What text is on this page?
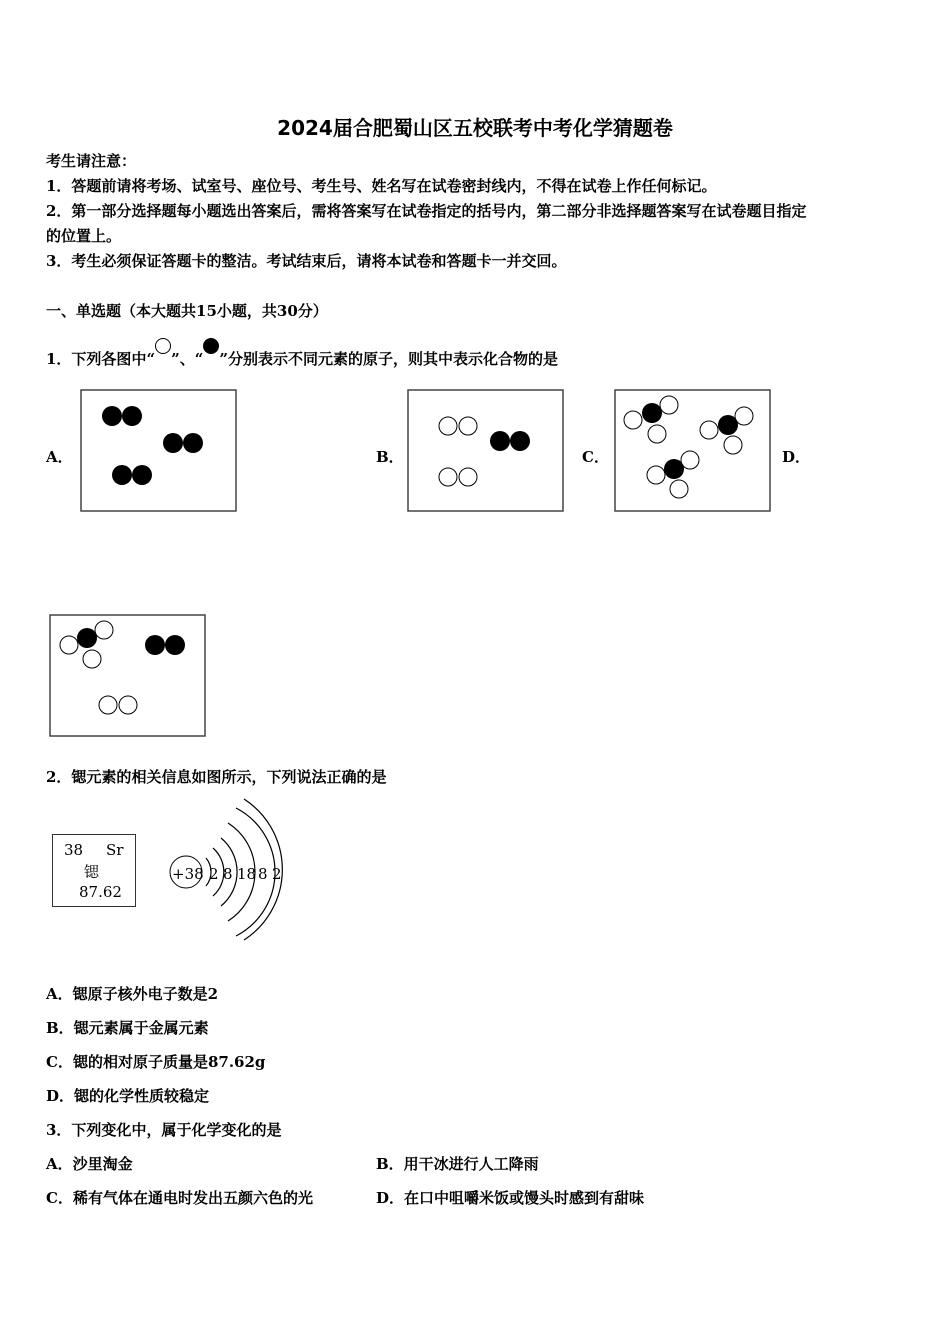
2024届合肥蜀山区五校联考中考化学猜题卷
考生请注意：
1．答题前请将考场、试室号、座位号、考生号、姓名写在试卷密封线内，不得在试卷上作任何标记。
2．第一部分选择题每小题选出答案后，需将答案写在试卷指定的括号内，第二部分非选择题答案写在试卷题目指定
的位置上。
3．考生必须保证答题卡的整洁。考试结束后，请将本试卷和答题卡一并交回。
一、单选题（本大题共15小题，共30分）
1．下列各图中“ ”、“ ”分别表示不同元素的原子，则其中表示化合物的是
A．	B．	C．	D．
2．锶元素的相关信息如图所示，下列说法正确的是
38 Sr
锶
87.62
+38 2 8 18 8 2
A．锶原子核外电子数是2
B．锶元素属于金属元素
C．锶的相对原子质量是87.62g
D．锶的化学性质较稳定
3．下列变化中，属于化学变化的是
A．沙里淘金	B．用干冰进行人工降雨
C．稀有气体在通电时发出五颜六色的光	D．在口中咀嚼米饭或馒头时感到有甜味
